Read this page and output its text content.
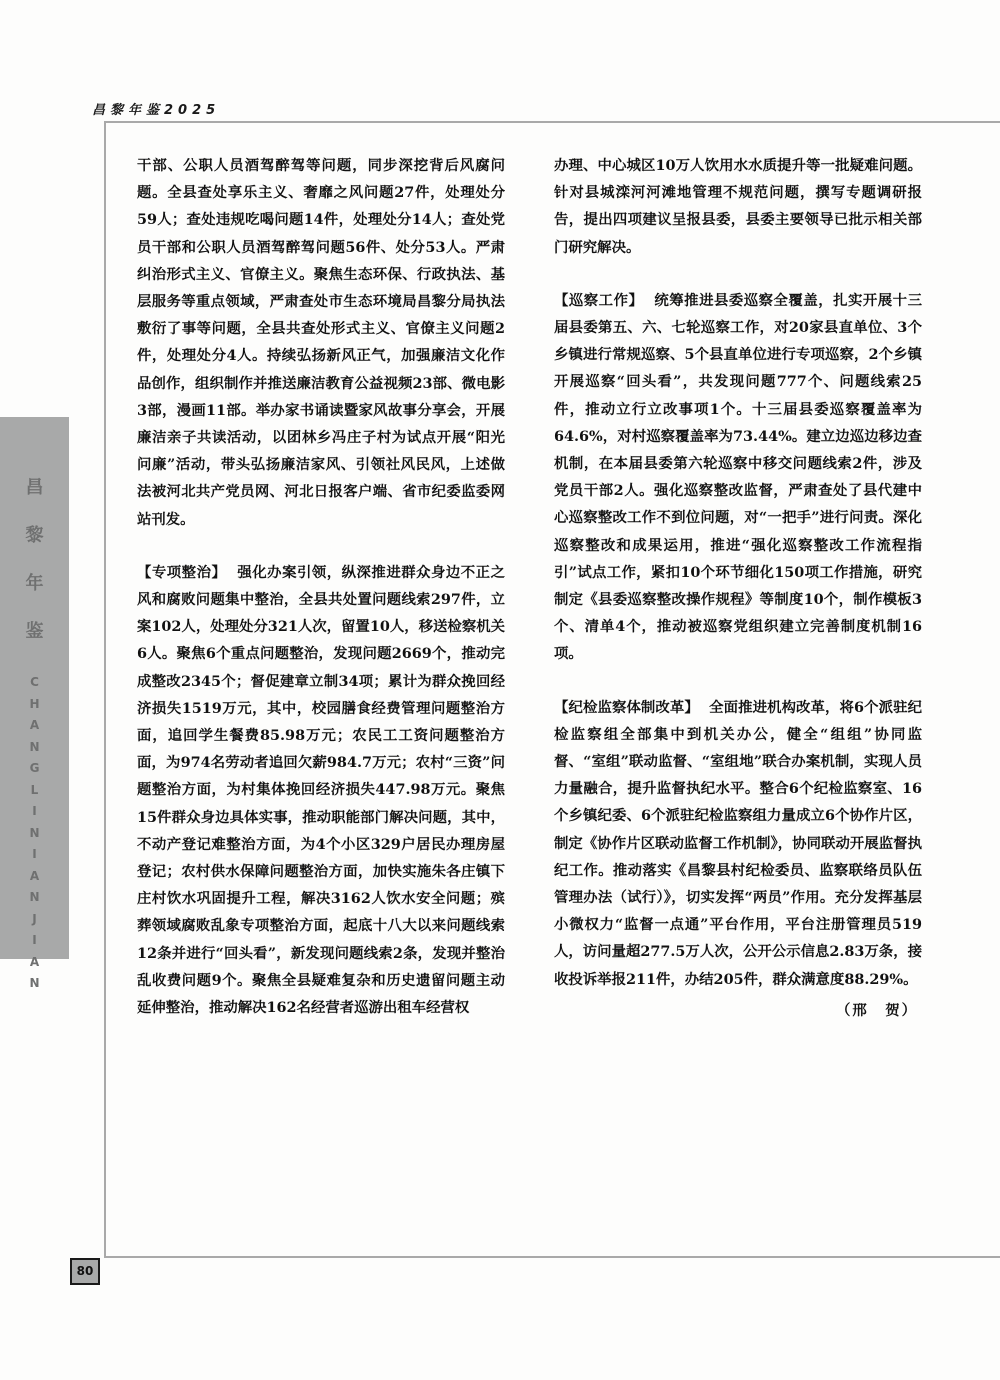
昌黎年鉴2025
昌
黎
年
鉴
C
H
A
N
G
L
I
N
I
A
N
J
I
A
N
80

干部、公职人员酒驾醉驾等问题，同步深挖背后风腐问题。全县查处享乐主义、奢靡之风问题27件，处理处分59人；查处违规吃喝问题14件，处理处分14人；查处党员干部和公职人员酒驾醉驾问题56件、处分53人。严肃纠治形式主义、官僚主义。聚焦生态环保、行政执法、基层服务等重点领域，严肃查处市生态环境局昌黎分局执法敷衍了事等问题，全县共查处形式主义、官僚主义问题2件，处理处分4人。持续弘扬新风正气，加强廉洁文化作品创作，组织制作并推送廉洁教育公益视频23部、微电影3部，漫画11部。举办家书诵读暨家风故事分享会，开展廉洁亲子共读活动，以团林乡冯庄子村为试点开展“阳光问廉”活动，带头弘扬廉洁家风、引领社风民风，上述做法被河北共产党员网、河北日报客户端、省市纪委监委网站刊发。

【专项整治】 强化办案引领，纵深推进群众身边不正之风和腐败问题集中整治，全县共处置问题线索297件，立案102人，处理处分321人次，留置10人，移送检察机关6人。聚焦6个重点问题整治，发现问题2669个，推动完成整改2345个；督促建章立制34项；累计为群众挽回经济损失1519万元，其中，校园膳食经费管理问题整治方面，追回学生餐费85.98万元；农民工工资问题整治方面，为974名劳动者追回欠薪984.7万元；农村“三资”问题整治方面，为村集体挽回经济损失447.98万元。聚焦15件群众身边具体实事，推动职能部门解决问题，其中，不动产登记难整治方面，为4个小区329户居民办理房屋登记；农村供水保障问题整治方面，加快实施朱各庄镇下庄村饮水巩固提升工程，解决3162人饮水安全问题；殡葬领域腐败乱象专项整治方面，起底十八大以来问题线索12条并进行“回头看”，新发现问题线索2条，发现并整治乱收费问题9个。聚焦全县疑难复杂和历史遗留问题主动延伸整治，推动解决162名经营者巡游出租车经营权

办理、中心城区10万人饮用水水质提升等一批疑难问题。针对县城滦河河滩地管理不规范问题，撰写专题调研报告，提出四项建议呈报县委，县委主要领导已批示相关部门研究解决。

【巡察工作】 统筹推进县委巡察全覆盖，扎实开展十三届县委第五、六、七轮巡察工作，对20家县直单位、3个乡镇进行常规巡察、5个县直单位进行专项巡察，2个乡镇开展巡察“回头看”，共发现问题777个、问题线索25件，推动立行立改事项1个。十三届县委巡察覆盖率为64.6%，对村巡察覆盖率为73.44%。建立边巡边移边查机制，在本届县委第六轮巡察中移交问题线索2件，涉及党员干部2人。强化巡察整改监督，严肃查处了县代建中心巡察整改工作不到位问题，对“一把手”进行问责。深化巡察整改和成果运用，推进“强化巡察整改工作流程指引”试点工作，紧扣10个环节细化150项工作措施，研究制定《县委巡察整改操作规程》等制度10个，制作模板3个、清单4个，推动被巡察党组织建立完善制度机制16项。

【纪检监察体制改革】 全面推进机构改革，将6个派驻纪检监察组全部集中到机关办公，健全“组组”协同监督、“室组”联动监督、“室组地”联合办案机制，实现人员力量融合，提升监督执纪水平。整合6个纪检监察室、16个乡镇纪委、6个派驻纪检监察组力量成立6个协作片区，制定《协作片区联动监督工作机制》，协同联动开展监督执纪工作。推动落实《昌黎县村纪检委员、监察联络员队伍管理办法（试行）》，切实发挥“两员”作用。充分发挥基层小微权力“监督一点通”平台作用，平台注册管理员519人，访问量超277.5万人次，公开公示信息2.83万条，接收投诉举报211件，办结205件，群众满意度88.29%。

（邢　贺）
